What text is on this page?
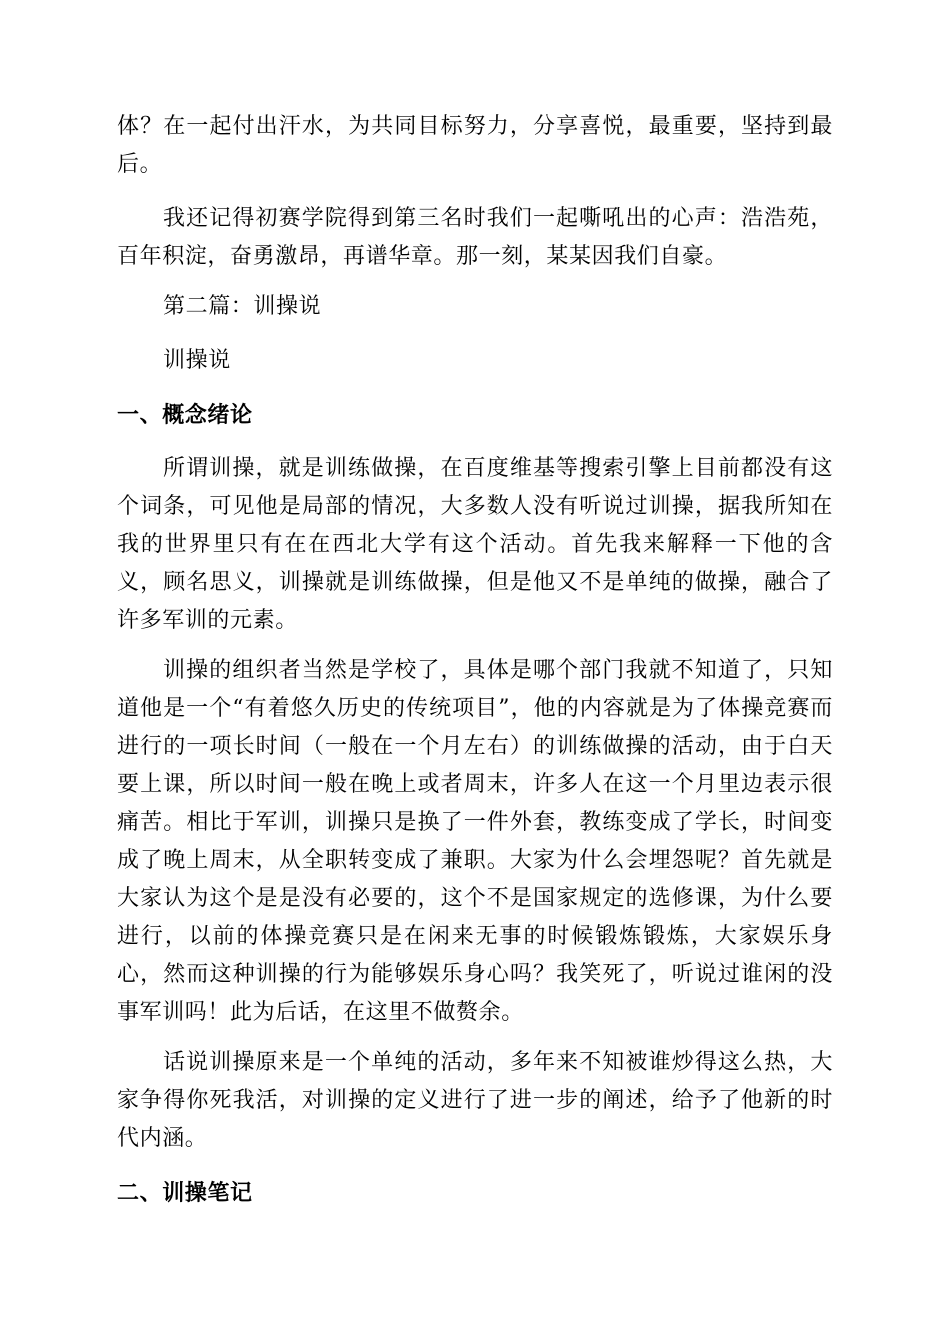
体？在一起付出汗水，为共同目标努力，分享喜悦，最重要，坚持到最后。

我还记得初赛学院得到第三名时我们一起嘶吼出的心声：浩浩苑，百年积淀，奋勇激昂，再谱华章。那一刻，某某因我们自豪。

第二篇：训操说

训操说

一、概念绪论

所谓训操，就是训练做操，在百度维基等搜索引擎上目前都没有这个词条，可见他是局部的情况，大多数人没有听说过训操，据我所知在我的世界里只有在在西北大学有这个活动。首先我来解释一下他的含义，顾名思义，训操就是训练做操，但是他又不是单纯的做操，融合了许多军训的元素。

训操的组织者当然是学校了，具体是哪个部门我就不知道了，只知道他是一个“有着悠久历史的传统项目”，他的内容就是为了体操竞赛而进行的一项长时间（一般在一个月左右）的训练做操的活动，由于白天要上课，所以时间一般在晚上或者周末，许多人在这一个月里边表示很痛苦。相比于军训，训操只是换了一件外套，教练变成了学长，时间变成了晚上周末，从全职转变成了兼职。大家为什么会埋怨呢？首先就是大家认为这个是是没有必要的，这个不是国家规定的选修课，为什么要进行，以前的体操竞赛只是在闲来无事的时候锻炼锻炼，大家娱乐身心，然而这种训操的行为能够娱乐身心吗？我笑死了，听说过谁闲的没事军训吗！此为后话，在这里不做赘余。

话说训操原来是一个单纯的活动，多年来不知被谁炒得这么热，大家争得你死我活，对训操的定义进行了进一步的阐述，给予了他新的时代内涵。

二、训操笔记
